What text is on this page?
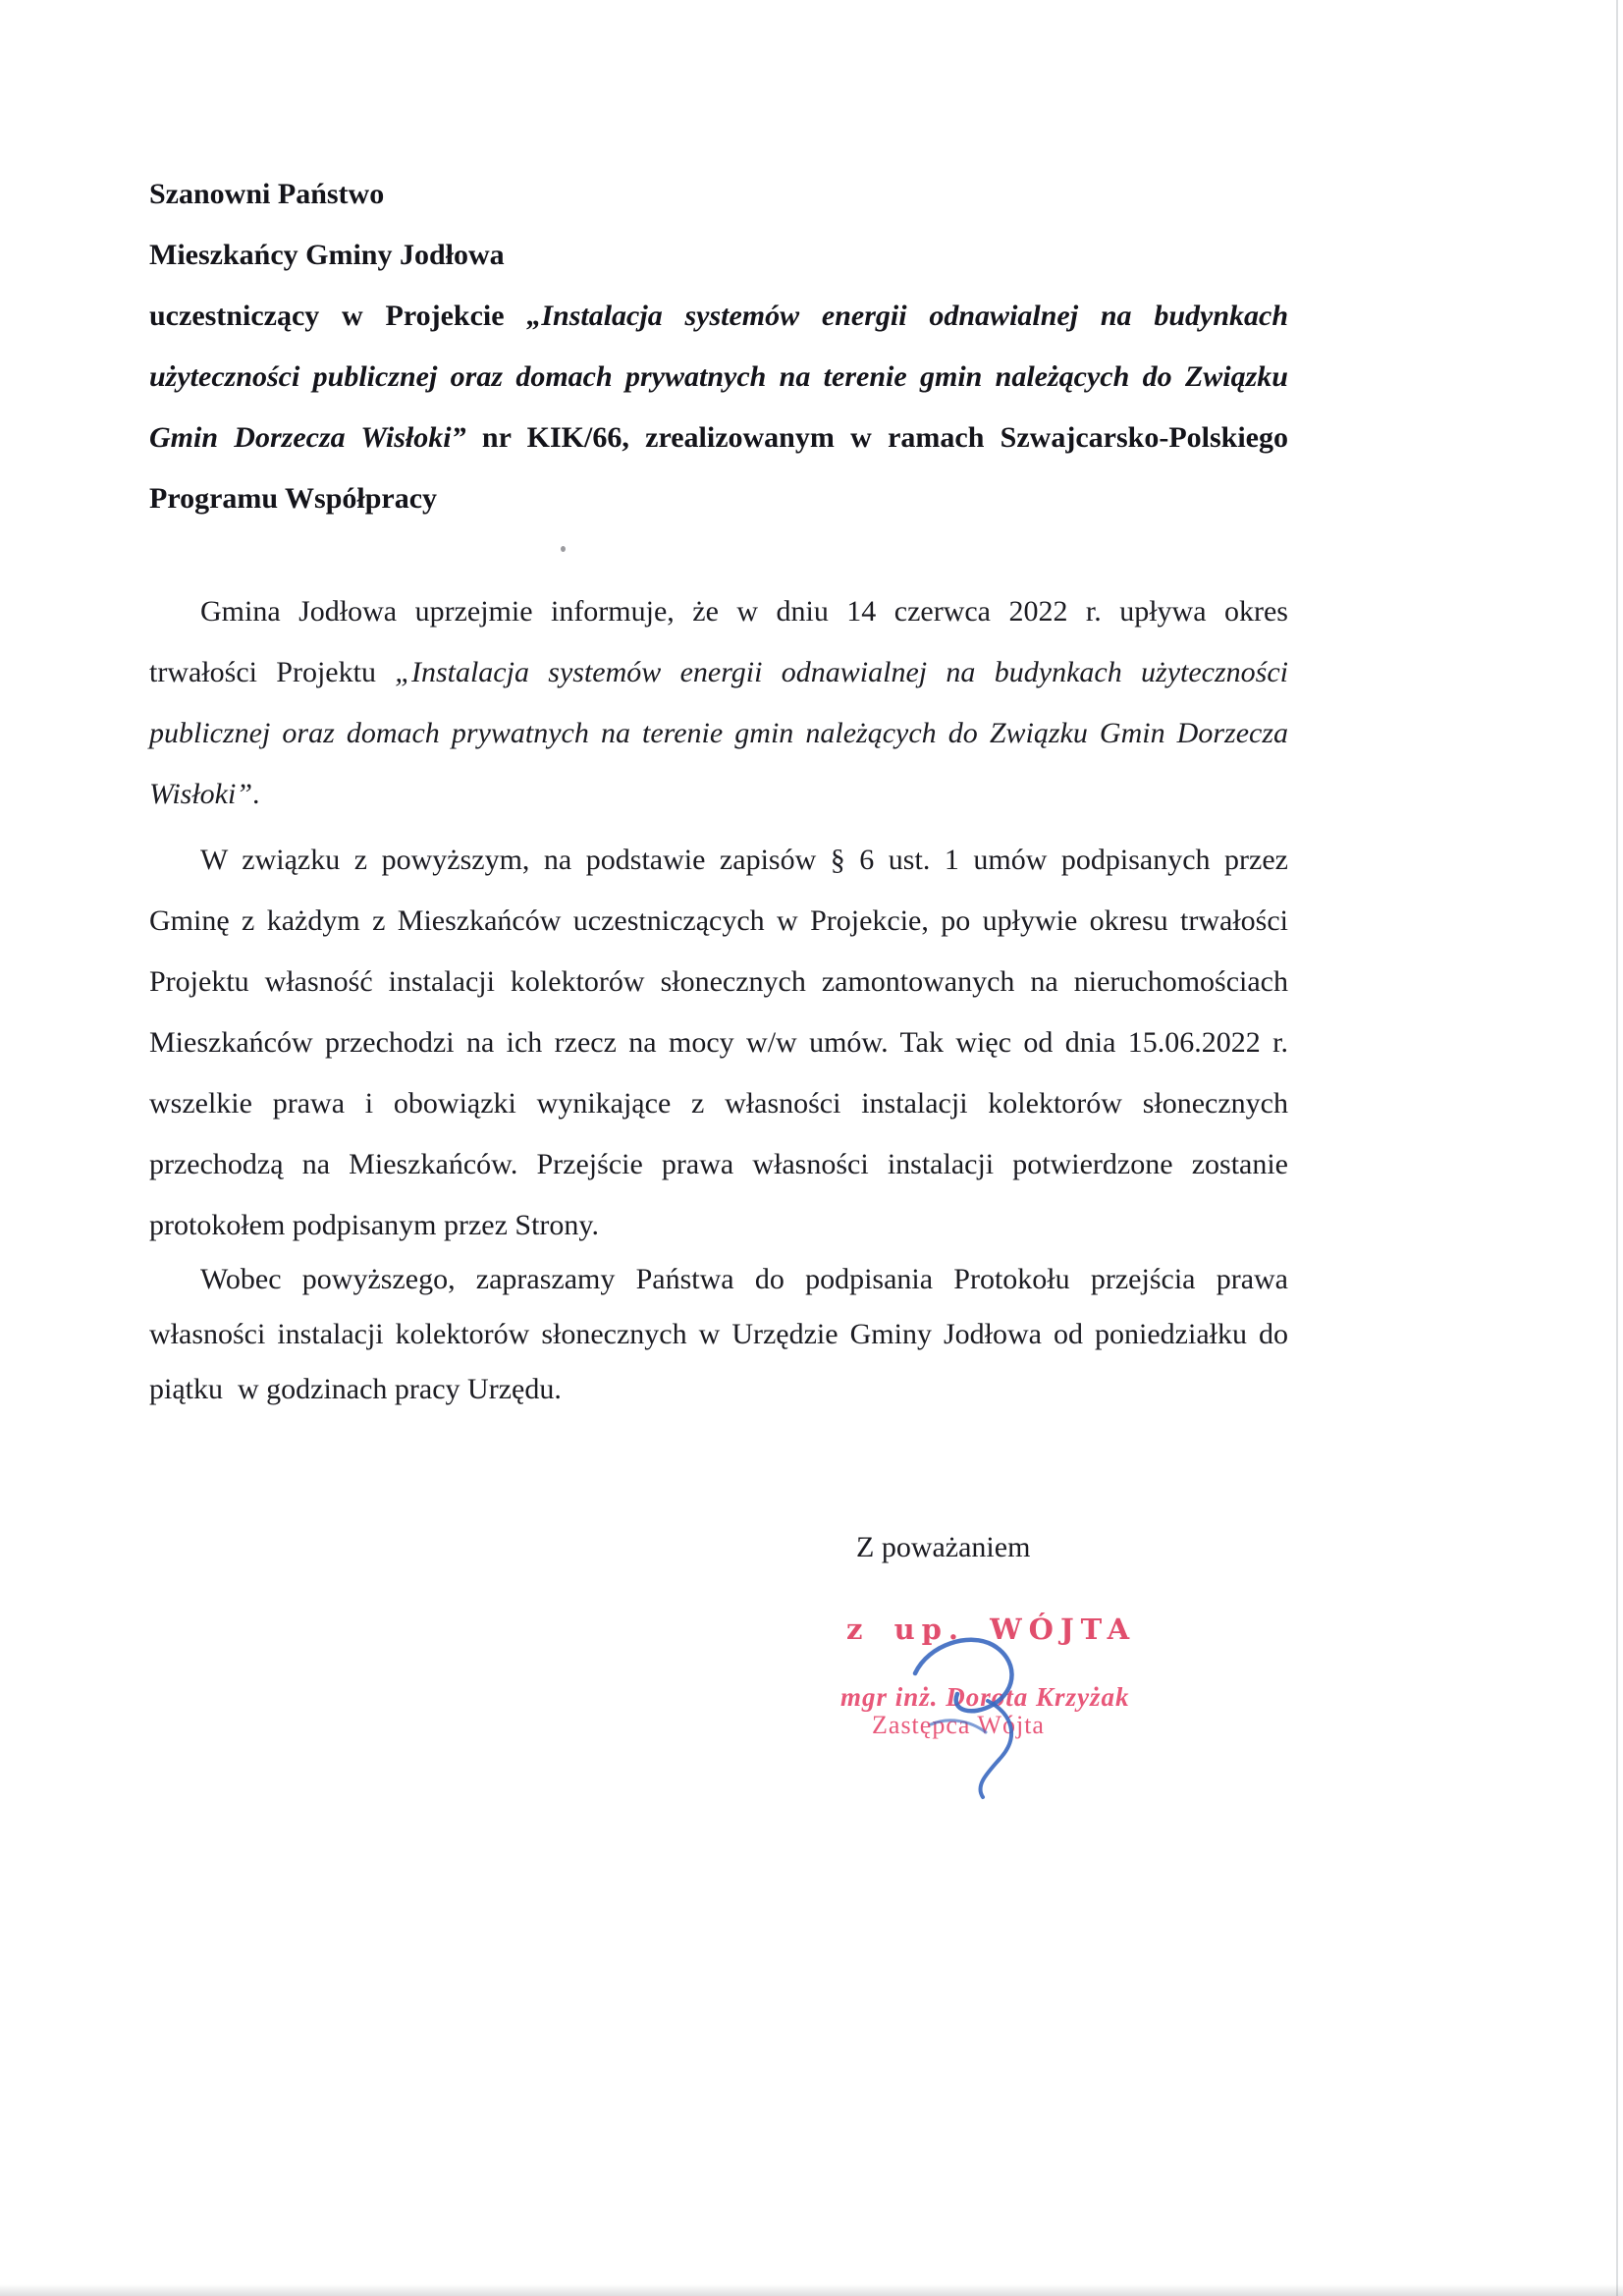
Szanowni Państwo
Mieszkańcy Gminy Jodłowa
uczestniczący w Projekcie „Instalacja systemów energii odnawialnej na budynkach
użyteczności publicznej oraz domach prywatnych na terenie gmin należących do Związku
Gmin Dorzecza Wisłoki” nr KIK/66, zrealizowanym w ramach Szwajcarsko-Polskiego
Programu Współpracy
Gmina Jodłowa uprzejmie informuje, że w dniu 14 czerwca 2022 r. upływa okres
trwałości Projektu „Instalacja systemów energii odnawialnej na budynkach użyteczności
publicznej oraz domach prywatnych na terenie gmin należących do Związku Gmin Dorzecza
Wisłoki”.
W związku z powyższym, na podstawie zapisów § 6 ust. 1 umów podpisanych przez
Gminę z każdym z Mieszkańców uczestniczących w Projekcie, po upływie okresu trwałości
Projektu własność instalacji kolektorów słonecznych zamontowanych na nieruchomościach
Mieszkańców przechodzi na ich rzecz na mocy w/w umów. Tak więc od dnia 15.06.2022 r.
wszelkie prawa i obowiązki wynikające z własności instalacji kolektorów słonecznych
przechodzą na Mieszkańców. Przejście prawa własności instalacji potwierdzone zostanie
protokołem podpisanym przez Strony.
Wobec powyższego, zapraszamy Państwa do podpisania Protokołu przejścia prawa
własności instalacji kolektorów słonecznych w Urzędzie Gminy Jodłowa od poniedziałku do
piątku  w godzinach pracy Urzędu.
Z poważaniem
z up. WÓJTA
mgr inż. Dorota Krzyżak
Zastępca Wójta
